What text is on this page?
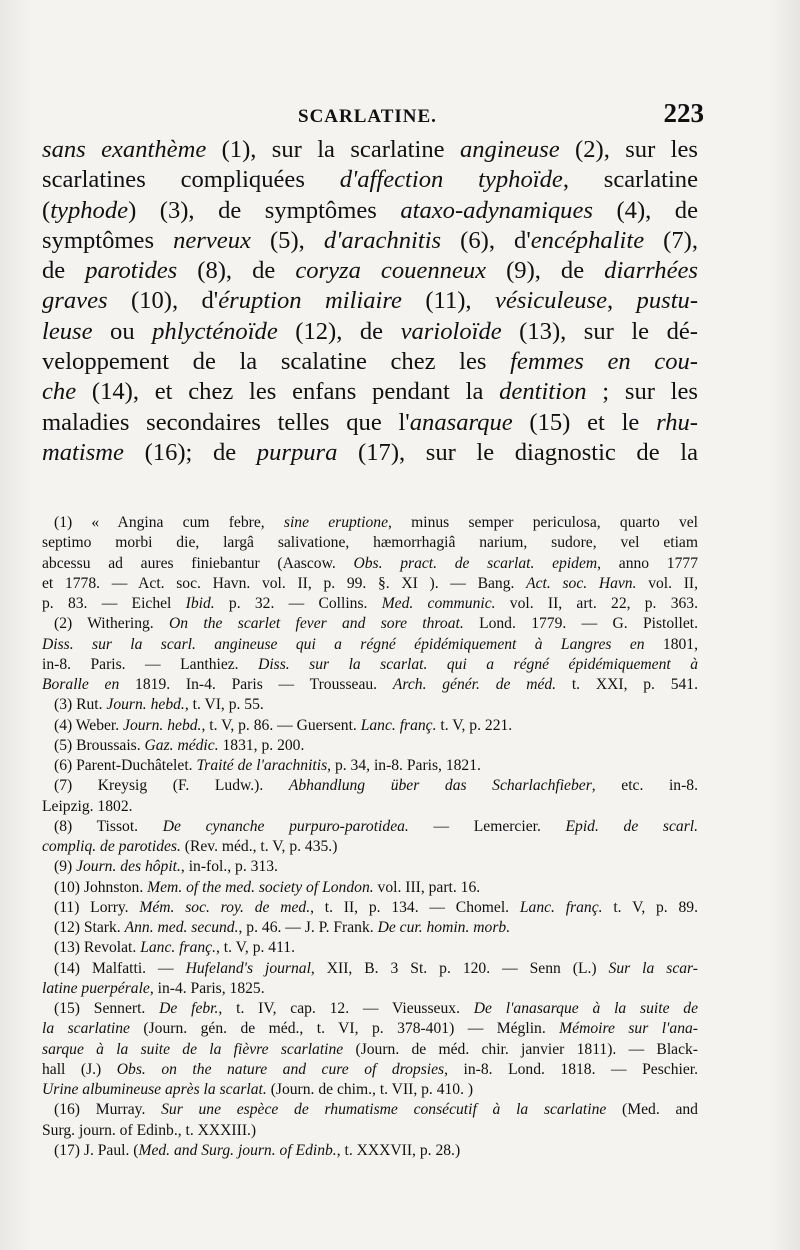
SCARLATINE.	223
sans exanthème (1), sur la scarlatine angineuse (2), sur les
scarlatines compliquées d'affection typhoïde, scarlatine
(typhode) (3), de symptômes ataxo-adynamiques (4), de
symptômes nerveux (5), d'arachnitis (6), d'encéphalite (7),
de parotides (8), de coryza couenneux (9), de diarrhées
graves (10), d'éruption miliaire (11), vésiculeuse, pustu-
leuse ou phlycténoïde (12), de varioloïde (13), sur le dé-
veloppement de la scalatine chez les femmes en cou-
che (14), et chez les enfans pendant la dentition ; sur les
maladies secondaires telles que l'anasarque (15) et le rhu-
matisme (16); de purpura (17), sur le diagnostic de la
(1) « Angina cum febre, sine eruptione, minus semper periculosa, quarto vel
septimo morbi die, largâ salivatione, hæmorrhagiâ narium, sudore, vel etiam
abcessu ad aures finiebantur (Aascow. Obs. pract. de scarlat. epidem, anno 1777
et 1778. — Act. soc. Havn. vol. II, p. 99. §. XI ). — Bang. Act. soc. Havn. vol. II,
p. 83. — Eichel Ibid. p. 32. — Collins. Med. communic. vol. II, art. 22, p. 363.
(2) Withering. On the scarlet fever and sore throat. Lond. 1779. — G. Pistollet.
Diss. sur la scarl. angineuse qui a régné épidémiquement à Langres en 1801,
in-8. Paris. — Lanthiez. Diss. sur la scarlat. qui a régné épidémiquement à
Boralle en 1819. In-4. Paris — Trousseau. Arch. génér. de méd. t. XXI, p. 541.
(3) Rut. Journ. hebd., t. VI, p. 55.
(4) Weber. Journ. hebd., t. V, p. 86. — Guersent. Lanc. franç. t. V, p. 221.
(5) Broussais. Gaz. médic. 1831, p. 200.
(6) Parent-Duchâtelet. Traité de l'arachnitis, p. 34, in-8. Paris, 1821.
(7) Kreysig (F. Ludw.). Abhandlung über das Scharlachfieber, etc. in-8.
Leipzig. 1802.
(8) Tissot. De cynanche purpuro-parotidea. — Lemercier. Epid. de scarl.
compliq. de parotides. (Rev. méd., t. V, p. 435.)
(9) Journ. des hôpit., in-fol., p. 313.
(10) Johnston. Mem. of the med. society of London. vol. III, part. 16.
(11) Lorry. Mém. soc. roy. de med., t. II, p. 134. — Chomel. Lanc. franç. t. V, p. 89.
(12) Stark. Ann. med. secund., p. 46. — J. P. Frank. De cur. homin. morb.
(13) Revolat. Lanc. franç., t. V, p. 411.
(14) Malfatti. — Hufeland's journal, XII, B. 3 St. p. 120. — Senn (L.) Sur la scar-
latine puerpérale, in-4. Paris, 1825.
(15) Sennert. De febr., t. IV, cap. 12. — Vieusseux. De l'anasarque à la suite de
la scarlatine (Journ. gén. de méd., t. VI, p. 378-401) — Méglin. Mémoire sur l'ana-
sarque à la suite de la fièvre scarlatine (Journ. de méd. chir. janvier 1811). — Black-
hall (J.) Obs. on the nature and cure of dropsies, in-8. Lond. 1818. — Peschier.
Urine albumineuse après la scarlat. (Journ. de chim., t. VII, p. 410. )
(16) Murray. Sur une espèce de rhumatisme consécutif à la scarlatine (Med. and
Surg. journ. of Edinb., t. XXXIII.)
(17) J. Paul. (Med. and Surg. journ. of Edinb., t. XXXVII, p. 28.)
